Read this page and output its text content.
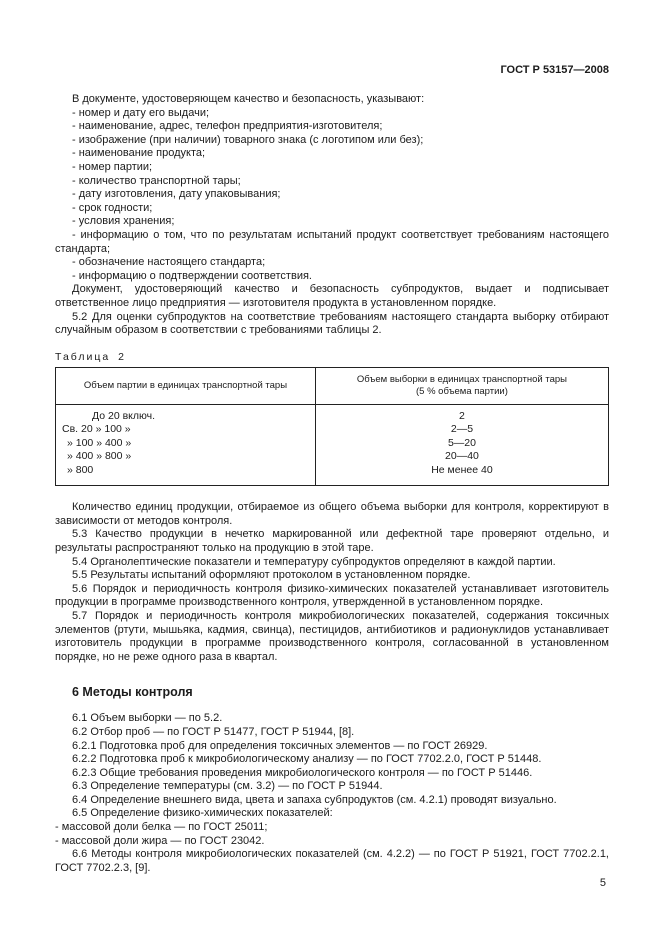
ГОСТ Р 53157—2008

В документе, удостоверяющем качество и безопасность, указывают:

- номер и дату его выдачи;

- наименование, адрес, телефон предприятия-изготовителя;

- изображение (при наличии) товарного знака (с логотипом или без);

- наименование продукта;

- номер партии;

- количество транспортной тары;

- дату изготовления, дату упаковывания;

- срок годности;

- условия хранения;

- информацию о том, что по результатам испытаний продукт соответствует требованиям настоящего стандарта;

- обозначение настоящего стандарта;

- информацию о подтверждении соответствия.

Документ, удостоверяющий качество и безопасность субпродуктов, выдает и подписывает ответственное лицо предприятия — изготовителя продукта в установленном порядке.

5.2 Для оценки субпродуктов на соответствие требованиям настоящего стандарта выборку отбирают случайным образом в соответствии с требованиями таблицы 2.

Таблица 2
Объем партии в единицах транспортной тары	Объем выборки в единицах транспортной тары
(5 % объема партии)

До 20 включ.	2
Св. 20 » 100 »	2—5
» 100 » 400 »	5—20
» 400 » 800 »	20—40
» 800	Не менее 40

Количество единиц продукции, отбираемое из общего объема выборки для контроля, корректируют в зависимости от методов контроля.

5.3 Качество продукции в нечетко маркированной или дефектной таре проверяют отдельно, и результаты распространяют только на продукцию в этой таре.

5.4 Органолептические показатели и температуру субпродуктов определяют в каждой партии.

5.5 Результаты испытаний оформляют протоколом в установленном порядке.

5.6 Порядок и периодичность контроля физико-химических показателей устанавливает изготовитель продукции в программе производственного контроля, утвержденной в установленном порядке.

5.7 Порядок и периодичность контроля микробиологических показателей, содержания токсичных элементов (ртути, мышьяка, кадмия, свинца), пестицидов, антибиотиков и радионуклидов устанавливает изготовитель продукции в программе производственного контроля, согласованной в установленном порядке, но не реже одного раза в квартал.

6 Методы контроля

6.1 Объем выборки — по 5.2.

6.2 Отбор проб — по ГОСТ Р 51477, ГОСТ Р 51944, [8].

6.2.1 Подготовка проб для определения токсичных элементов — по ГОСТ 26929.

6.2.2 Подготовка проб к микробиологическому анализу — по ГОСТ 7702.2.0, ГОСТ Р 51448.

6.2.3 Общие требования проведения микробиологического контроля — по ГОСТ Р 51446.

6.3 Определение температуры (см. 3.2) — по ГОСТ Р 51944.

6.4 Определение внешнего вида, цвета и запаха субпродуктов (см. 4.2.1) проводят визуально.

6.5 Определение физико-химических показателей:

- массовой доли белка — по ГОСТ 25011;

- массовой доли жира — по ГОСТ 23042.

6.6 Методы контроля микробиологических показателей (см. 4.2.2) — по ГОСТ Р 51921, ГОСТ 7702.2.1, ГОСТ 7702.2.3, [9].

5
